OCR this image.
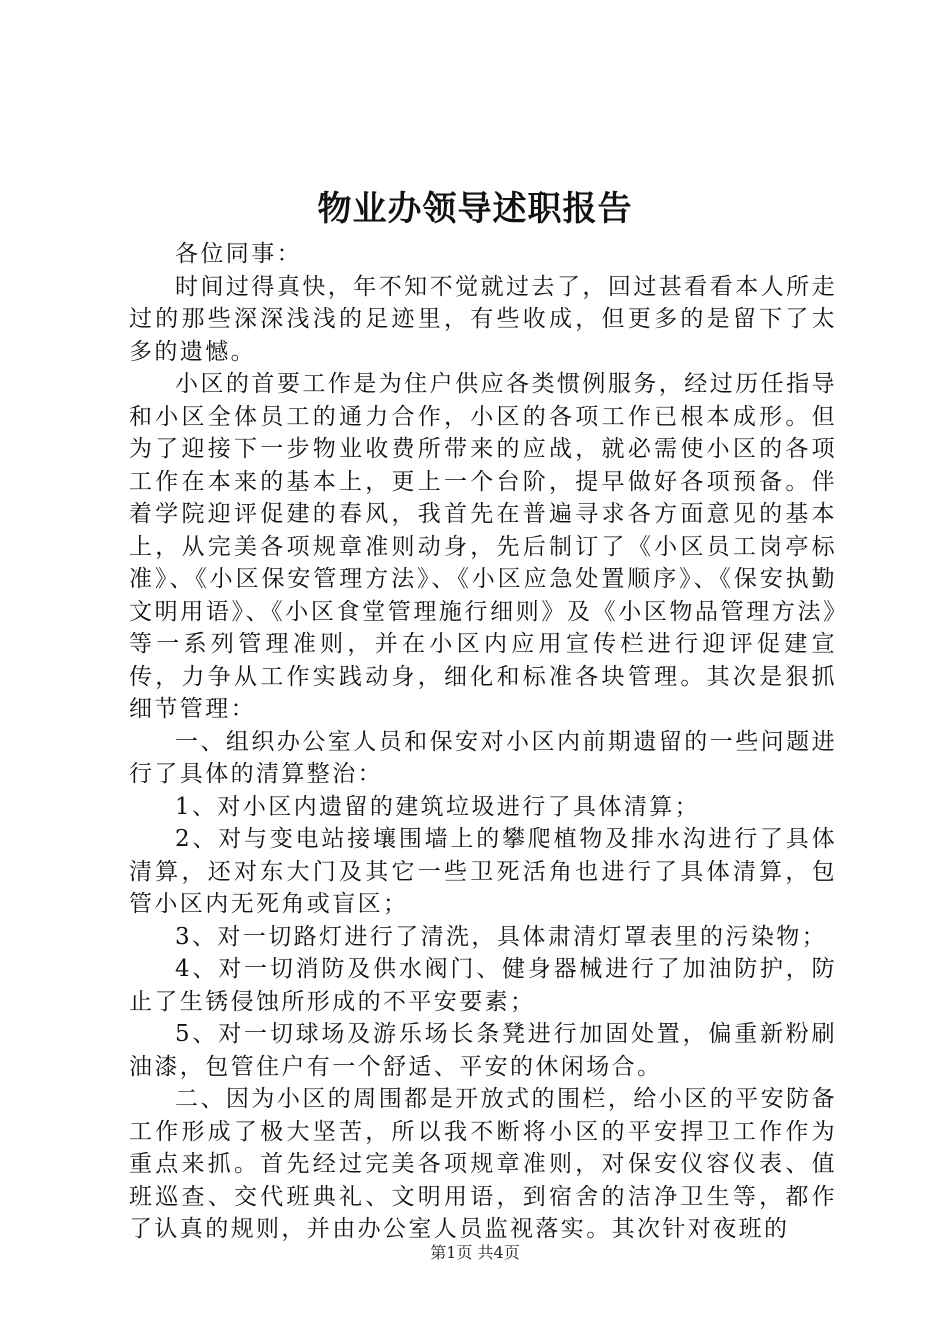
物业办领导述职报告

各位同事：

时间过得真快，年不知不觉就过去了，回过甚看看本人所走过的那些深深浅浅的足迹里，有些收成，但更多的是留下了太多的遗憾。

小区的首要工作是为住户供应各类惯例服务，经过历任指导和小区全体员工的通力合作，小区的各项工作已根本成形。但为了迎接下一步物业收费所带来的应战，就必需使小区的各项工作在本来的基本上，更上一个台阶，提早做好各项预备。伴着学院迎评促建的春风，我首先在普遍寻求各方面意见的基本上，从完美各项规章准则动身，先后制订了《小区员工岗亭标准》、《小区保安管理方法》、《小区应急处置顺序》、《保安执勤文明用语》、《小区食堂管理施行细则》及《小区物品管理方法》等一系列管理准则，并在小区内应用宣传栏进行迎评促建宣传，力争从工作实践动身，细化和标准各块管理。其次是狠抓细节管理：

一、组织办公室人员和保安对小区内前期遗留的一些问题进行了具体的清算整治：

1、对小区内遗留的建筑垃圾进行了具体清算；

2、对与变电站接壤围墙上的攀爬植物及排水沟进行了具体清算，还对东大门及其它一些卫死活角也进行了具体清算，包管小区内无死角或盲区；

3、对一切路灯进行了清洗，具体肃清灯罩表里的污染物；

4、对一切消防及供水阀门、健身器械进行了加油防护，防止了生锈侵蚀所形成的不平安要素；

5、对一切球场及游乐场长条凳进行加固处置，偏重新粉刷油漆，包管住户有一个舒适、平安的休闲场合。

二、因为小区的周围都是开放式的围栏，给小区的平安防备工作形成了极大坚苦，所以我不断将小区的平安捍卫工作作为重点来抓。首先经过完美各项规章准则，对保安仪容仪表、值班巡查、交代班典礼、文明用语，到宿舍的洁净卫生等，都作了认真的规则，并由办公室人员监视落实。其次针对夜班的

第1页 共4页
